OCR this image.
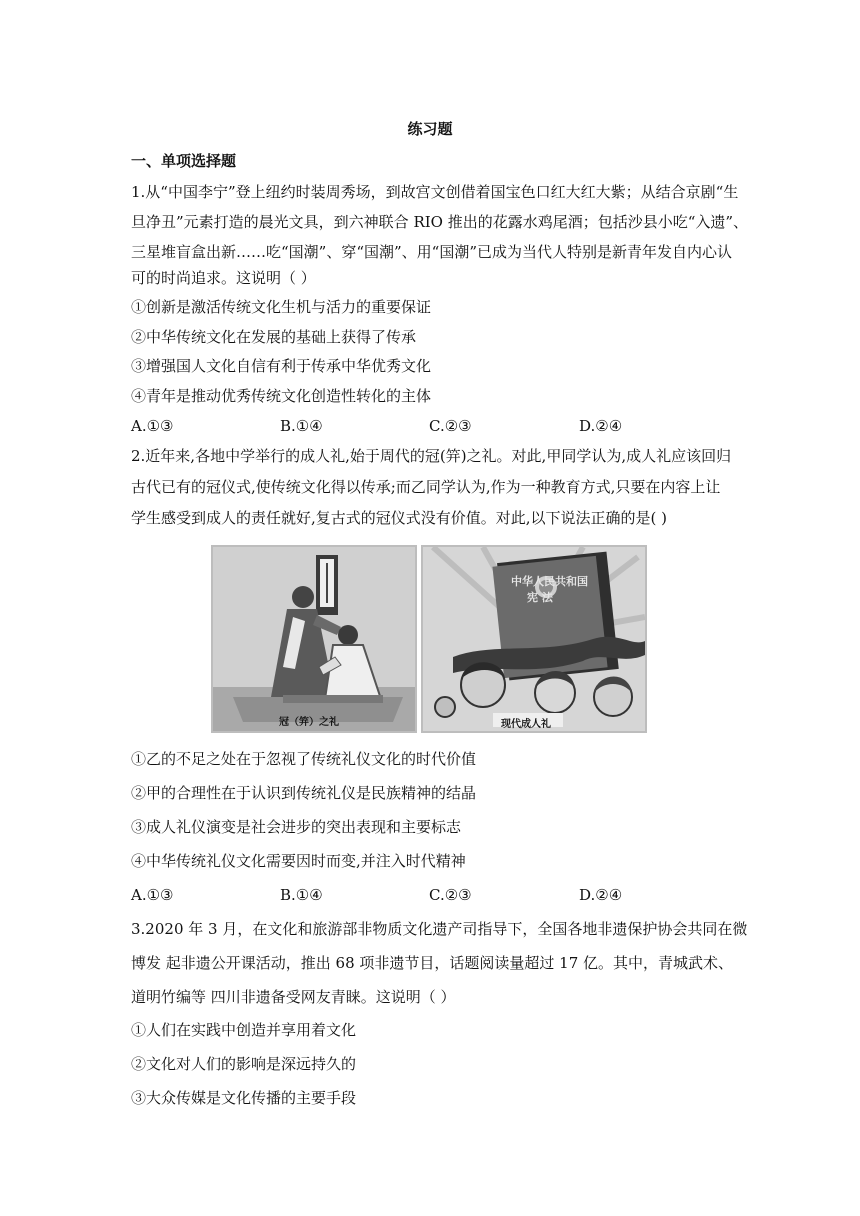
练习题
一、单项选择题
1.从“中国李宁”登上纽约时装周秀场，到故宫文创借着国宝色口红大红大紫；从结合京剧“生
旦净丑”元素打造的晨光文具，到六神联合 RIO 推出的花露水鸡尾酒；包括沙县小吃“入遗”、
三星堆盲盒出新……吃“国潮”、穿“国潮”、用“国潮”已成为当代人特别是新青年发自内心认
可的时尚追求。这说明（ ）
①创新是激活传统文化生机与活力的重要保证
②中华传统文化在发展的基础上获得了传承
③增强国人文化自信有利于传承中华优秀文化
④青年是推动优秀传统文化创造性转化的主体
A.①③	B.①④	C.②③	D.②④
2.近年来,各地中学举行的成人礼,始于周代的冠(笄)之礼。对此,甲同学认为,成人礼应该回归
古代已有的冠仪式,使传统文化得以传承;而乙同学认为,作为一种教育方式,只要在内容上让
学生感受到成人的责任就好,复古式的冠仪式没有价值。对此,以下说法正确的是( )
冠（笄）之礼
中华人民共和国
宪 法
现代成人礼
①乙的不足之处在于忽视了传统礼仪文化的时代价值
②甲的合理性在于认识到传统礼仪是民族精神的结晶
③成人礼仪演变是社会进步的突出表现和主要标志
④中华传统礼仪文化需要因时而变,并注入时代精神
A.①③	B.①④	C.②③	D.②④
3.2020 年 3 月，在文化和旅游部非物质文化遗产司指导下，全国各地非遗保护协会共同在微
博发 起非遗公开课活动，推出 68 项非遗节目，话题阅读量超过 17 亿。其中，青城武术、
道明竹编等 四川非遗备受网友青睐。这说明（ ）
①人们在实践中创造并享用着文化
②文化对人们的影响是深远持久的
③大众传媒是文化传播的主要手段
